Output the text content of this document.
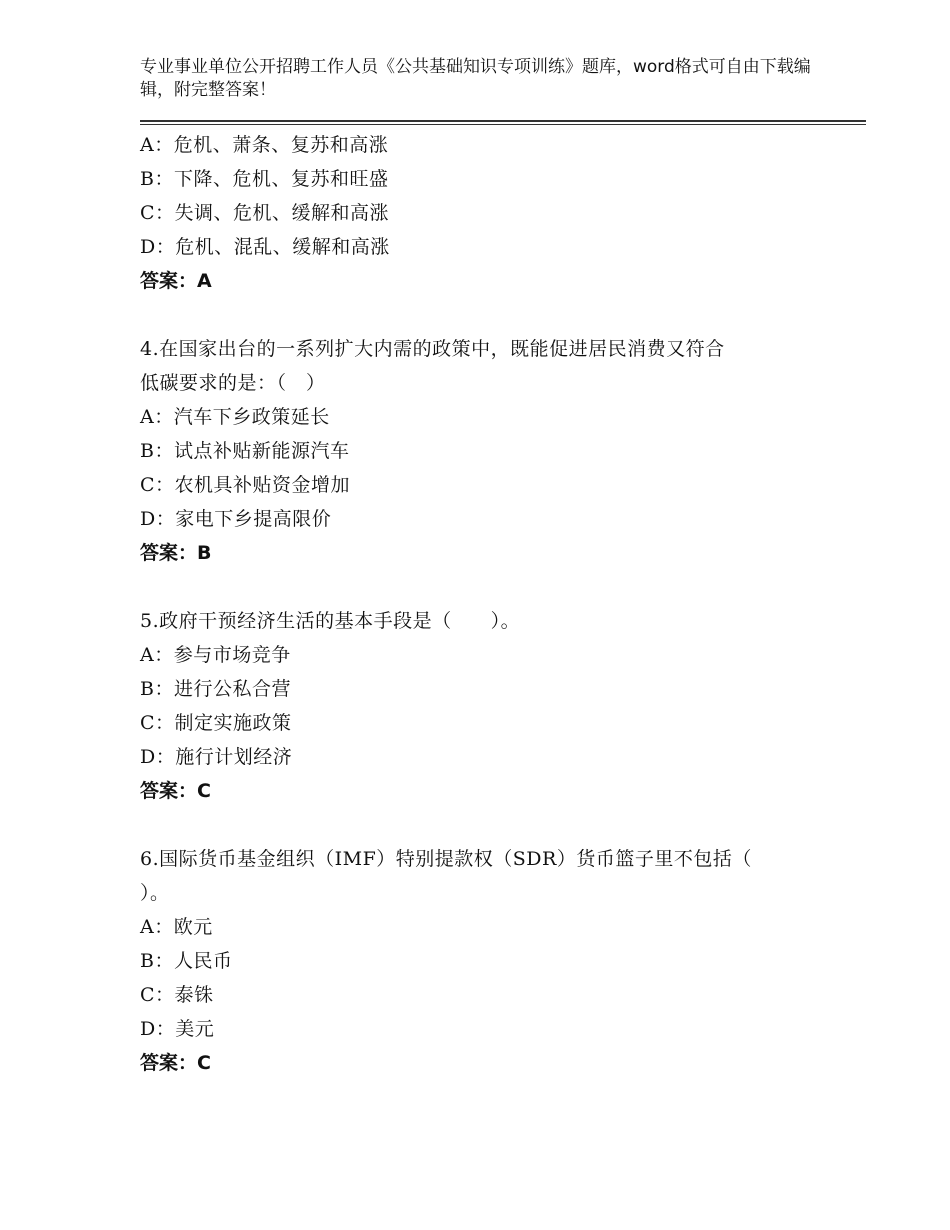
专业事业单位公开招聘工作人员《公共基础知识专项训练》题库，word格式可自由下载编辑，附完整答案！
A：危机、萧条、复苏和高涨
B：下降、危机、复苏和旺盛
C：失调、危机、缓解和高涨
D：危机、混乱、缓解和高涨
答案：A
4.在国家出台的一系列扩大内需的政策中，既能促进居民消费又符合
低碳要求的是：（　）
A：汽车下乡政策延长
B：试点补贴新能源汽车
C：农机具补贴资金增加
D：家电下乡提高限价
答案：B
5.政府干预经济生活的基本手段是（　　）。
A：参与市场竞争
B：进行公私合营
C：制定实施政策
D：施行计划经济
答案：C
6.国际货币基金组织（IMF）特别提款权（SDR）货币篮子里不包括（
）。
A：欧元
B：人民币
C：泰铢
D：美元
答案：C
